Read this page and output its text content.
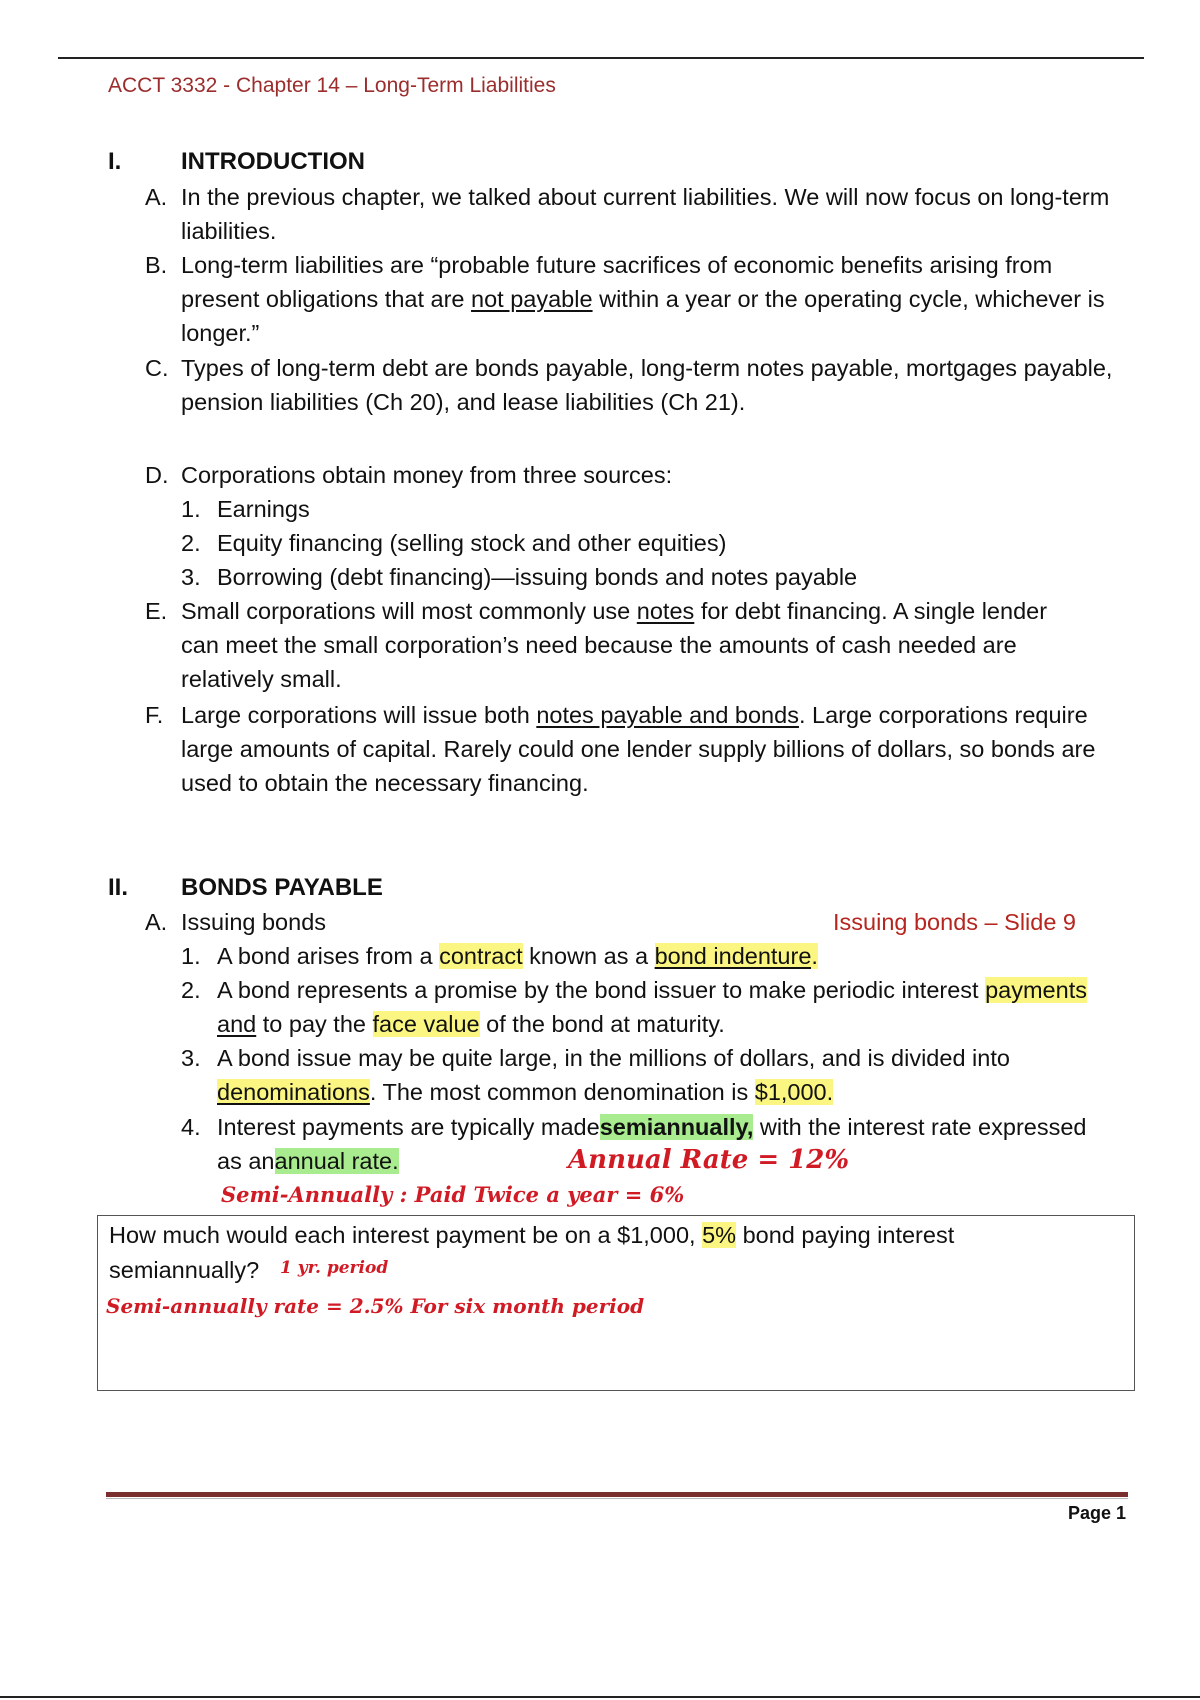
ACCT 3332 - Chapter 14 – Long-Term Liabilities
I. INTRODUCTION
A. In the previous chapter, we talked about current liabilities. We will now focus on long-term liabilities.
B. Long-term liabilities are “probable future sacrifices of economic benefits arising from present obligations that are not payable within a year or the operating cycle, whichever is longer.”
C. Types of long-term debt are bonds payable, long-term notes payable, mortgages payable, pension liabilities (Ch 20), and lease liabilities (Ch 21).
D. Corporations obtain money from three sources:
1. Earnings
2. Equity financing (selling stock and other equities)
3. Borrowing (debt financing)—issuing bonds and notes payable
E. Small corporations will most commonly use notes for debt financing. A single lender can meet the small corporation’s need because the amounts of cash needed are relatively small.
F. Large corporations will issue both notes payable and bonds. Large corporations require large amounts of capital. Rarely could one lender supply billions of dollars, so bonds are used to obtain the necessary financing.
II. BONDS PAYABLE
A. Issuing bonds	Issuing bonds – Slide 9
1. A bond arises from a contract known as a bond indenture.
2. A bond represents a promise by the bond issuer to make periodic interest payments and to pay the face value of the bond at maturity.
3. A bond issue may be quite large, in the millions of dollars, and is divided into denominations. The most common denomination is $1,000.
4. Interest payments are typically madesemiannually, with the interest rate expressed as anannual rate.	Annual Rate = 12%
Semi-Annually : Paid Twice a year = 6%
How much would each interest payment be on a $1,000, 5% bond paying interest semiannually?	1 yr. period
Semi-annually rate = 2.5% For six month period
Page 1
